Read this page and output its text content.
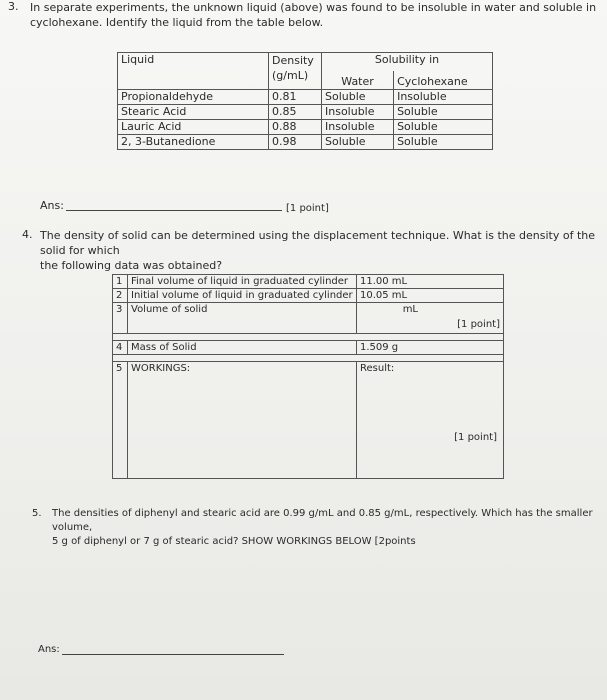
3. In separate experiments, the unknown liquid (above) was found to be insoluble in water and soluble in
cyclohexane. Identify the liquid from the table below.
Liquid	Density
(g/mL)	Solubility in	
		Water	Cyclohexane
Propionaldehyde	0.81	Soluble	Insoluble
Stearic Acid	0.85	Insoluble	Soluble
Lauric Acid	0.88	Insoluble	Soluble
2, 3-Butanedione	0.98	Soluble	Soluble
Ans:	[1 point]
4. The density of solid can be determined using the displacement technique. What is the density of the solid for which
the following data was obtained?
1	Final volume of liquid in graduated cylinder	11.00 mL
2	Initial volume of liquid in graduated cylinder	10.05 mL
3	Volume of solid	mL
[1 point]

4	Mass of Solid	1.509 g

5	WORKINGS:	Result:
[1 point]
5. The densities of diphenyl and stearic acid are 0.99 g/mL and 0.85 g/mL, respectively. Which has the smaller volume,
5 g of diphenyl or 7 g of stearic acid? SHOW WORKINGS BELOW [2points
Ans:
